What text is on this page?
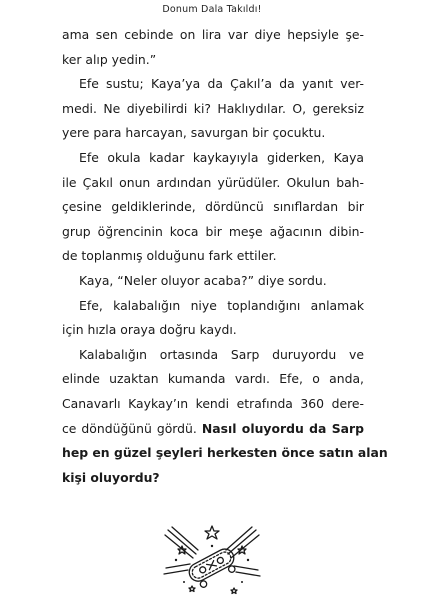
Donum Dala Takıldı!
ama sen cebinde on lira var diye hepsiyle şe-
ker alıp yedin.”
Efe sustu; Kaya’ya da Çakıl’a da yanıt ver-
medi. Ne diyebilirdi ki? Haklıydılar. O, gereksiz
yere para harcayan, savurgan bir çocuktu.
Efe okula kadar kaykayıyla giderken, Kaya
ile Çakıl onun ardından yürüdüler. Okulun bah-
çesine geldiklerinde, dördüncü sınıflardan bir
grup öğrencinin koca bir meşe ağacının dibin-
de toplanmış olduğunu fark ettiler.
Kaya, “Neler oluyor acaba?” diye sordu.
Efe, kalabalığın niye toplandığını anlamak
için hızla oraya doğru kaydı.
Kalabalığın ortasında Sarp duruyordu ve
elinde uzaktan kumanda vardı. Efe, o anda,
Canavarlı Kaykay’ın kendi etrafında 360 dere-
ce döndüğünü gördü. Nasıl oluyordu da Sarp
hep en güzel şeyleri herkesten önce satın alan
kişi oluyordu?
